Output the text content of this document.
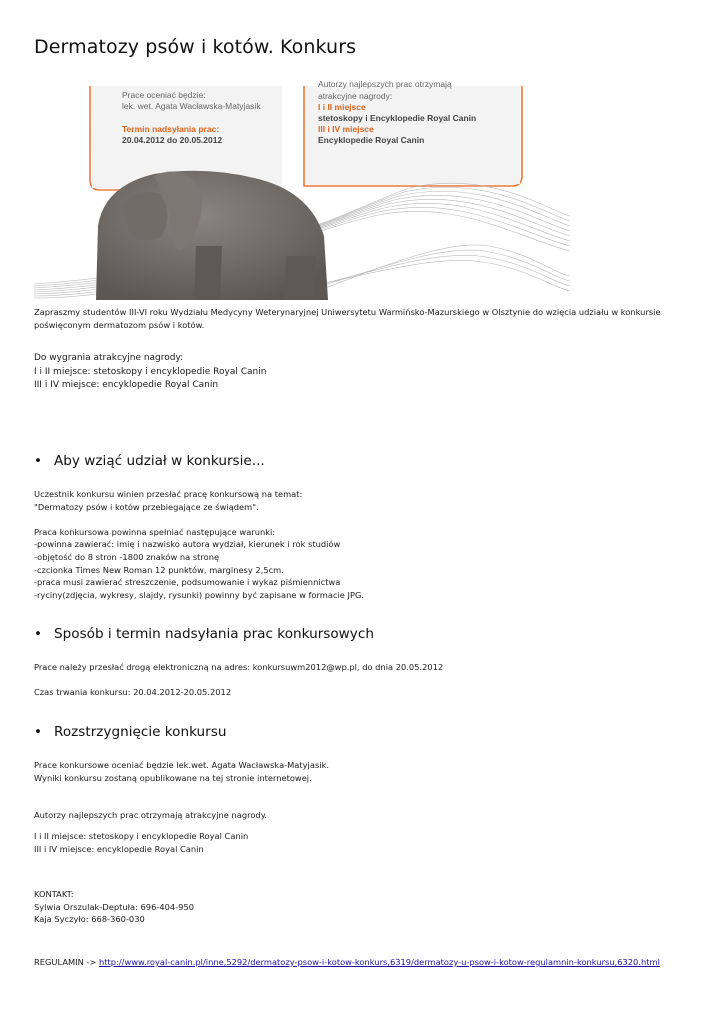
Dermatozy psów i kotów. Konkurs
Prace oceniać będzie:
lek. wet. Agata Wacławska-Matyjasik
Termin nadsyłania prac:
20.04.2012 do 20.05.2012
Autorzy najlepszych prac otrzymają
atrakcyjne nagrody:
I i II miejsce
stetoskopy i Encyklopedie Royal Canin
III i IV miejsce
Encyklopedie Royal Canin

Zapraszmy studentów III-VI roku Wydziału Medycyny Weterynaryjnej Uniwersytetu Warmińsko-Mazurskiego w Olsztynie do wzięcia udziału w konkursie

poświęconym dermatozom psów i kotów.

Do wygrania atrakcyjne nagrody:

I i II miejsce: stetoskopy i encyklopedie Royal Canin

III i IV miejsce: encyklopedie Royal Canin

• Aby wziąć udział w konkursie...

Uczestnik konkursu winien przesłać pracę konkursową na temat:

"Dermatozy psów i kotów przebiegające ze świądem".

Praca konkursowa powinna spełniać następujące warunki:

-powinna zawierać: imię i nazwisko autora wydział, kierunek i rok studiów

-objętość do 8 stron -1800 znaków na stronę

-czcionka Times New Roman 12 punktów, marginesy 2,5cm.

-praca musi zawierać streszczenie, podsumowanie i wykaz piśmiennictwa

-ryciny(zdjęcia, wykresy, slajdy, rysunki) powinny być zapisane w formacie JPG.

• Sposób i termin nadsyłania prac konkursowych

Prace należy przesłać drogą elektroniczną na adres: konkursuwm2012@wp.pl, do dnia 20.05.2012

Czas trwania konkursu: 20.04.2012-20.05.2012

• Rozstrzygnięcie konkursu

Prace konkursowe oceniać będzie lek.wet. Agata Wacławska-Matyjasik.

Wyniki konkursu zostaną opublikowane na tej stronie internetowej.

Autorzy najlepszych prac otrzymają atrakcyjne nagrody.

I i II miejsce: stetoskopy i encyklopedie Royal Canin

III i IV miejsce: encyklopedie Royal Canin

KONTAKT:

Sylwia Orszulak-Deptuła: 696-404-950

Kaja Syczyło: 668-360-030

REGULAMIN -> http://www.royal-canin.pl/inne,5292/dermatozy-psow-i-kotow-konkurs,6319/dermatozy-u-psow-i-kotow-regulamnin-konkursu,6320.html
